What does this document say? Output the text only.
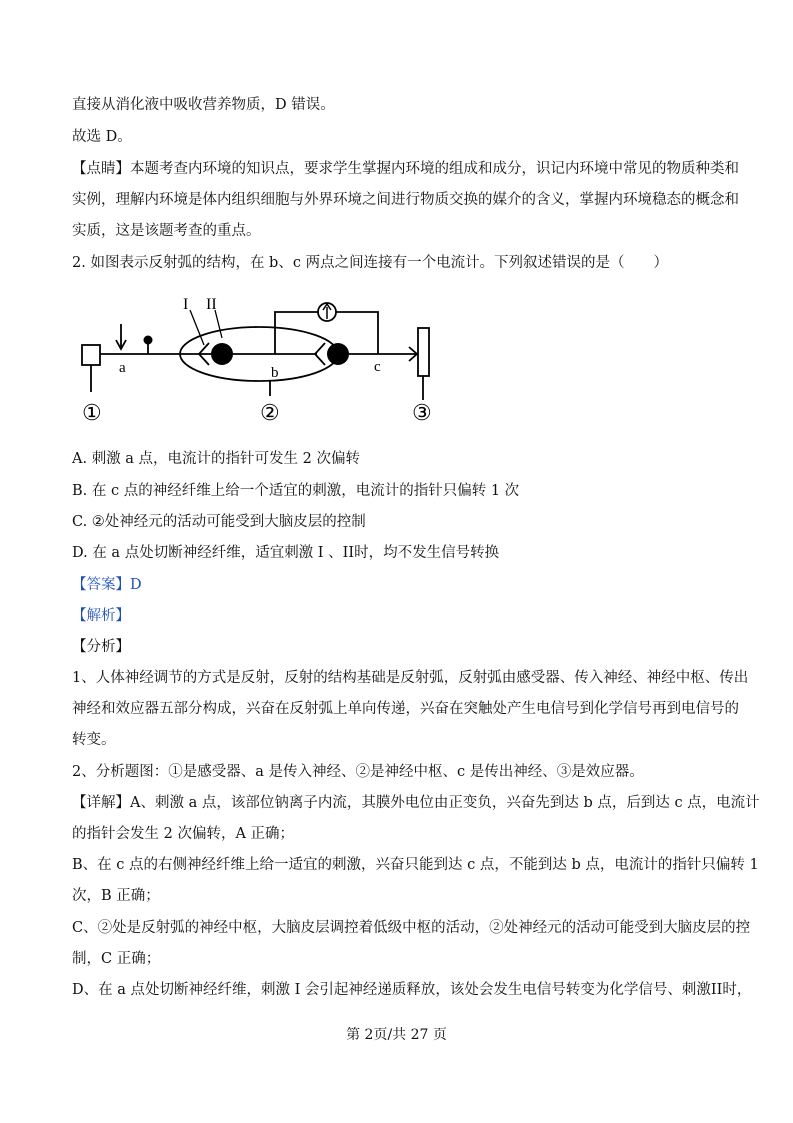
直接从消化液中吸收营养物质，D 错误。
故选 D。
【点睛】本题考查内环境的知识点，要求学生掌握内环境的组成和成分，识记内环境中常见的物质种类和
实例，理解内环境是体内组织细胞与外界环境之间进行物质交换的媒介的含义，掌握内环境稳态的概念和
实质，这是该题考查的重点。
2. 如图表示反射弧的结构，在 b、c 两点之间连接有一个电流计。下列叙述错误的是（　　）
I II
a	b	c
①	②	③
A. 刺激 a 点，电流计的指针可发生 2 次偏转
B. 在 c 点的神经纤维上给一个适宜的刺激，电流计的指针只偏转 1 次
C. ②处神经元的活动可能受到大脑皮层的控制
D. 在 a 点处切断神经纤维，适宜刺激 I 、II时，均不发生信号转换
【答案】D
【解析】
【分析】
1、人体神经调节的方式是反射，反射的结构基础是反射弧，反射弧由感受器、传入神经、神经中枢、传出
神经和效应器五部分构成，兴奋在反射弧上单向传递，兴奋在突触处产生电信号到化学信号再到电信号的
转变。
2、分析题图：①是感受器、a 是传入神经、②是神经中枢、c 是传出神经、③是效应器。
【详解】A、刺激 a 点，该部位钠离子内流，其膜外电位由正变负，兴奋先到达 b 点，后到达 c 点，电流计
的指针会发生 2 次偏转，A 正确；
B、在 c 点的右侧神经纤维上给一适宜的刺激，兴奋只能到达 c 点，不能到达 b 点，电流计的指针只偏转 1
次，B 正确；
C、②处是反射弧的神经中枢，大脑皮层调控着低级中枢的活动，②处神经元的活动可能受到大脑皮层的控
制，C 正确；
D、在 a 点处切断神经纤维，刺激 I 会引起神经递质释放，该处会发生电信号转变为化学信号、刺激II时，
第 2页/共 27 页
